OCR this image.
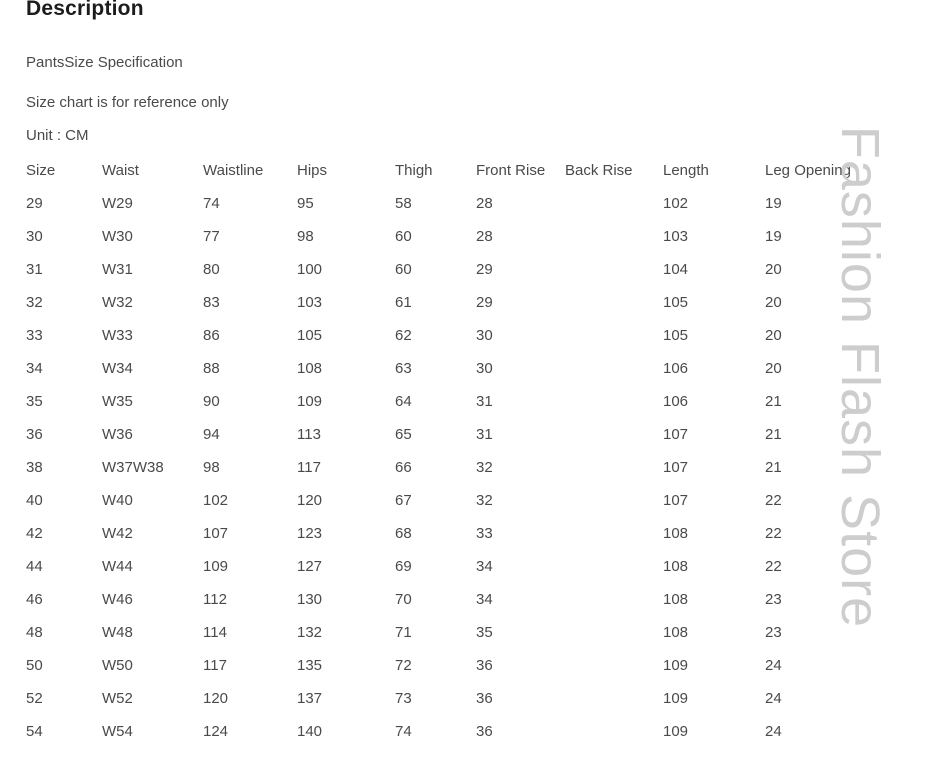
Description

PantsSize Specification

Size chart is for reference only

Unit : CM

Size	Waist	Waistline	Hips	Thigh	Front Rise	Back Rise	Length	Leg Opening
29	W29	74	95	58	28		102	19
30	W30	77	98	60	28		103	19
31	W31	80	100	60	29		104	20
32	W32	83	103	61	29		105	20
33	W33	86	105	62	30		105	20
34	W34	88	108	63	30		106	20
35	W35	90	109	64	31		106	21
36	W36	94	113	65	31		107	21
38	W37W38	98	117	66	32		107	21
40	W40	102	120	67	32		107	22
42	W42	107	123	68	33		108	22
44	W44	109	127	69	34		108	22
46	W46	112	130	70	34		108	23
48	W48	114	132	71	35		108	23
50	W50	117	135	72	36		109	24
52	W52	120	137	73	36		109	24
54	W54	124	140	74	36		109	24
Fashion Flash Store
